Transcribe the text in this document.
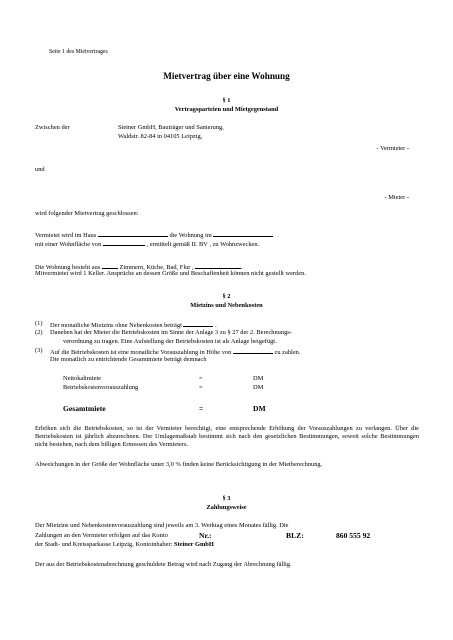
Seite 1 des Mietvertrages
Mietvertrag über eine Wohnung
§ 1
Vertragsparteien und Mietgegenstand
Zwischen der	Steiner GmbH, Bauträger und Sanierung,
Waldstr. 82-84 in 04105 Leipzig,
- Vermieter -
und
- Mieter -
wird folgender Mietvertrag geschlossen:
Vermietet wird im Haus	die Wohnung im
mit einer Wohnfläche von	, ermittelt gemäß II. BV , zu Wohnzwecken.
Die Wohnung besteht aus	Zimmern, Küche, Bad, Flur ,	.
Mitvermietet wird 1 Keller. Ansprüche an dessen Größe und Beschaffenheit können nicht gestellt werden.
§ 2
Mietzins und Nebenkosten
(1) Der monatliche Mietzins ohne Nebenkosten beträgt	.
(2) Daneben hat der Mieter die Betriebskosten im Sinne der Anlage 3 zu § 27 der 2. Berechnungs-
verordnung zu tragen. Eine Aufstellung der Betriebskosten ist als Anlage beigefügt.
(3) Auf die Betriebskosten ist eine monatliche Vorauszahlung in Höhe von	zu zahlen.
Die monatlich zu entrichtende Gesamtmiete beträgt demnach
Nettokaltmiete	=	DM
Betriebskostenvorauszahlung	=	DM
Gesamtmiete	=	DM
Erhöhen sich die Betriebskosten, so ist der Vermieter berechtigt, eine entsprechende Erhöhung der Vorauszahlungen zu verlangen. Über die Betriebskosten ist jährlich abzurechnen. Der Umlagemaßstab bestimmt sich nach den gesetzlichen Bestimmungen, soweit solche Bestimmungen nicht bestehen, nach dem billigen Ermessen des Vermieters.
Abweichungen in der Größe der Wohnfläche unter 3,0 % finden keine Berücksichtigung in der Mietberechnung.
§ 3
Zahlungsweise
Der Mietzins und Nebenkostenvorauszahlung sind jeweils am 3. Werktag eines Monates fällig. Die
Zahlungen an den Vermieter erfolgen auf das Konto	Nr.:	BLZ:	860 555 92
der Stadt- und Kreissparkasse Leipzig, Kontoinhaber: Steiner GmbH
Der aus der Betriebskostenabrechnung geschuldete Betrag wird nach Zugang der Abrechnung fällig.
